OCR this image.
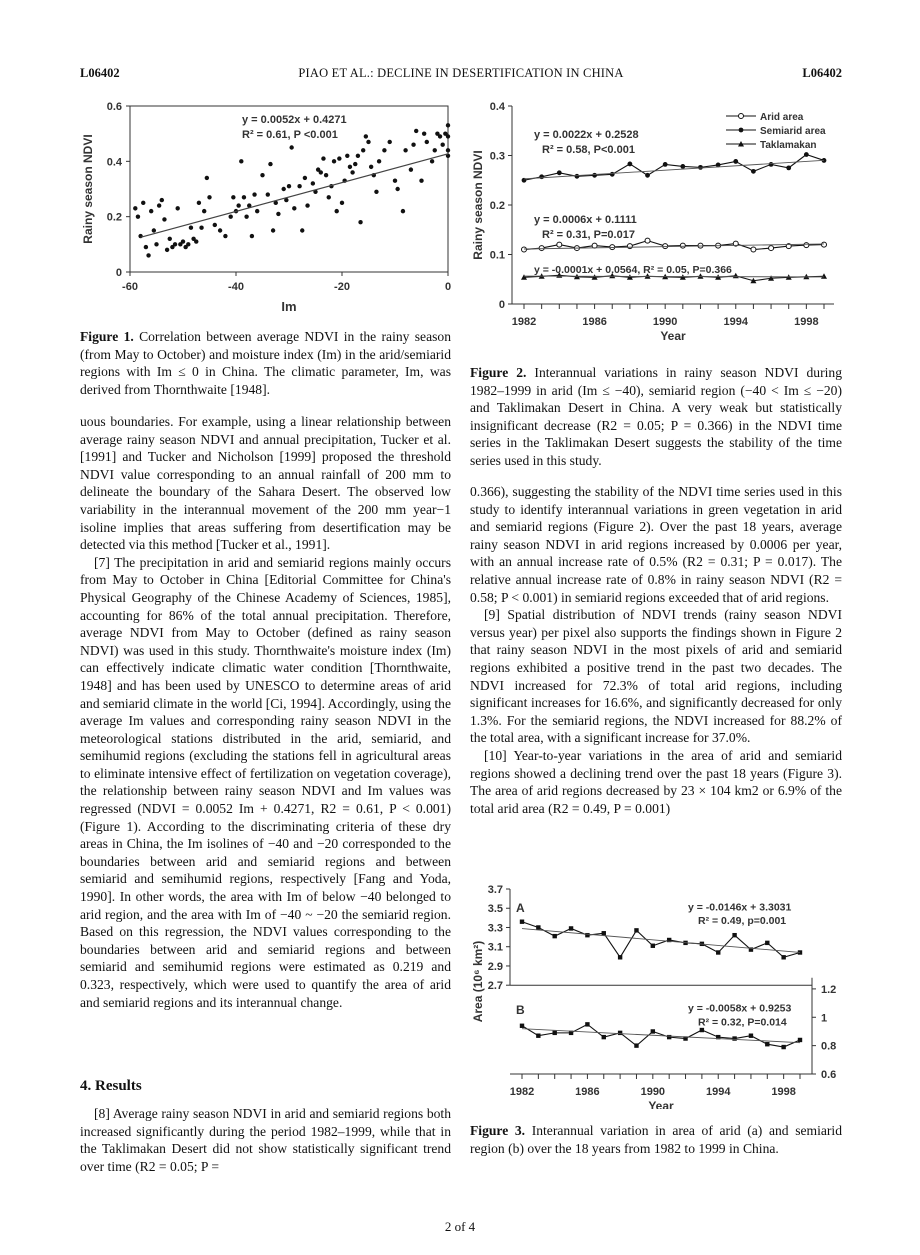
L06402	PIAO ET AL.: DECLINE IN DESERTIFICATION IN CHINA	L06402
0
0.2
0.4
0.6
-60	-40	-20	0
Im
Rainy season NDVI
y = 0.0052x + 0.4271
R² = 0.61, P <0.001
Figure 1. Correlation between average NDVI in the rainy season (from May to October) and moisture index (Im) in the arid/semiarid regions with Im ≤ 0 in China. The climatic parameter, Im, was derived from Thornthwaite [1948].

uous boundaries. For example, using a linear relationship between average rainy season NDVI and annual precipitation, Tucker et al. [1991] and Tucker and Nicholson [1999] proposed the threshold NDVI value corresponding to an annual rainfall of 200 mm to delineate the boundary of the Sahara Desert. The observed low variability in the interannual movement of the 200 mm year−1 isoline implies that areas suffering from desertification may be detected via this method [Tucker et al., 1991].

[7] The precipitation in arid and semiarid regions mainly occurs from May to October in China [Editorial Committee for China's Physical Geography of the Chinese Academy of Sciences, 1985], accounting for 86% of the total annual precipitation. Therefore, average NDVI from May to October (defined as rainy season NDVI) was used in this study. Thornthwaite's moisture index (Im) can effectively indicate climatic water condition [Thornthwaite, 1948] and has been used by UNESCO to determine areas of arid and semiarid climate in the world [Ci, 1994]. Accordingly, using the average Im values and corresponding rainy season NDVI in the meteorological stations distributed in the arid, semiarid, and semihumid regions (excluding the stations fell in agricultural areas to eliminate intensive effect of fertilization on vegetation coverage), the relationship between rainy season NDVI and Im values was regressed (NDVI = 0.0052 Im + 0.4271, R2 = 0.61, P < 0.001) (Figure 1). According to the discriminating criteria of these dry areas in China, the Im isolines of −40 and −20 corresponded to the boundaries between arid and semiarid regions and between semiarid and semihumid regions, respectively [Fang and Yoda, 1990]. In other words, the area with Im of below −40 belonged to arid region, and the area with Im of −40 ~ −20 the semiarid region. Based on this regression, the NDVI values corresponding to the boundaries between arid and semiarid regions and between semiarid and semihumid regions were estimated as 0.219 and 0.323, respectively, which were used to quantify the area of arid and semiarid regions and its interannual change.

4. Results

[8] Average rainy season NDVI in arid and semiarid regions both increased significantly during the period 1982–1999, while that in the Taklimakan Desert did not show statistically significant trend over time (R2 = 0.05; P =

0
0.1
0.2
0.3
0.4
1982	1986	1990	1994	1998
Year
Rainy season NDVI
Arid area
Semiarid area
Taklamakan
y = 0.0022x + 0.2528
R² = 0.58, P<0.001
y = 0.0006x + 0.1111
R² = 0.31, P=0.017
y = -0.0001x + 0.0564, R² = 0.05, P=0.366
Figure 2. Interannual variations in rainy season NDVI during 1982–1999 in arid (Im ≤ −40), semiarid region (−40 < Im ≤ −20) and Taklimakan Desert in China. A very weak but statistically insignificant decrease (R2 = 0.05; P = 0.366) in the NDVI time series in the Taklimakan Desert suggests the stability of the time series used in this study.

0.366), suggesting the stability of the NDVI time series used in this study to identify interannual variations in green vegetation in arid and semiarid regions (Figure 2). Over the past 18 years, average rainy season NDVI in arid regions increased by 0.0006 per year, with an annual increase rate of 0.5% (R2 = 0.31; P = 0.017). The relative annual increase rate of 0.8% in rainy season NDVI (R2 = 0.58; P < 0.001) in semiarid regions exceeded that of arid regions.

[9] Spatial distribution of NDVI trends (rainy season NDVI versus year) per pixel also supports the findings shown in Figure 2 that rainy season NDVI in the most pixels of arid and semiarid regions exhibited a positive trend in the past two decades. The NDVI increased for 72.3% of total arid regions, including significant increases for 16.6%, and significantly decreased for only 1.3%. For the semiarid regions, the NDVI increased for 88.2% of the total area, with a significant increase for 37.0%.

[10] Year-to-year variations in the area of arid and semiarid regions showed a declining trend over the past 18 years (Figure 3). The area of arid regions decreased by 23 × 104 km2 or 6.9% of the total arid area (R2 = 0.49, P = 0.001)

2.7
2.9
3.1
3.3
3.5
3.7
0.6
0.8
1
1.2
1982	1986	1990	1994	1998
Year
Area (10⁶ km²)
A
B
y = -0.0146x + 3.3031
R² = 0.49, p=0.001
y = -0.0058x + 0.9253
R² = 0.32, P=0.014
Figure 3. Interannual variation in area of arid (a) and semiarid region (b) over the 18 years from 1982 to 1999 in China.
2 of 4
